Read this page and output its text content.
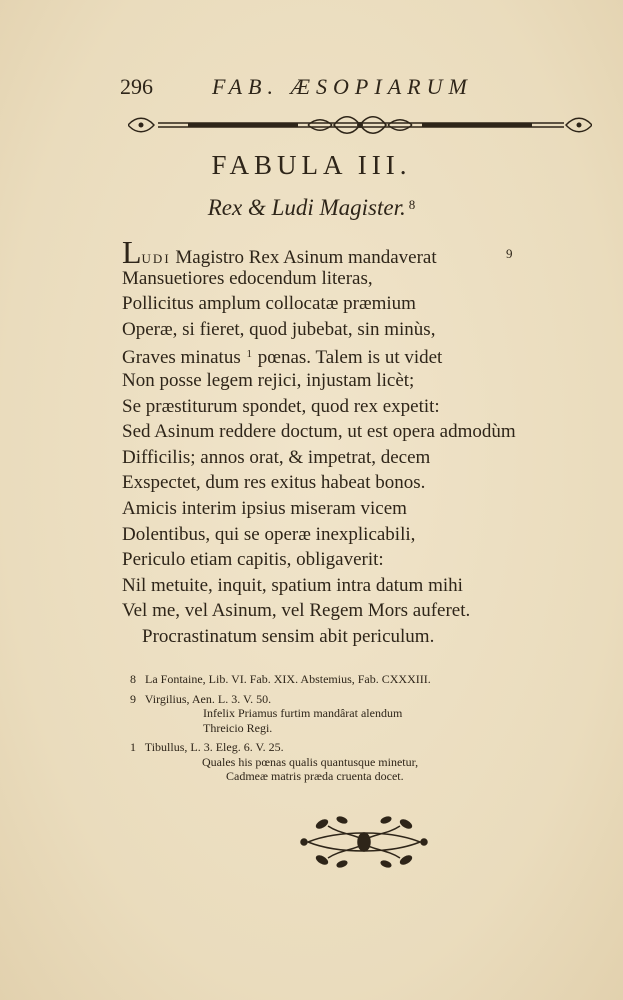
296	FAB. ÆSOPIARUM
FABULA III.
Rex & Ludi Magister. $^8$
LUDI Magistro Rex Asinum mandaverat	9
Mansuetiores edocendum literas,
Pollicitus amplum collocatæ præmium
Operæ, si fieret, quod jubebat, sin minùs,
Graves minatus $^1$ pœnas. Talem is ut videt
Non posse legem rejici, injustam licèt;
Se præstiturum spondet, quod rex expetit:
Sed Asinum reddere doctum, ut est opera admodùm
Difficilis; annos orat, & impetrat, decem
Exspectet, dum res exitus habeat bonos.
Amicis interim ipsius miseram vicem
Dolentibus, qui se operæ inexplicabili,
Periculo etiam capitis, obligaverit:
Nil metuite, inquit, spatium intra datum mihi
Vel me, vel Asinum, vel Regem Mors auferet.
Procrastinatum sensim abit periculum.
8 La Fontaine, Lib. VI. Fab. XIX. Abstemius, Fab. CXXXIII.
9 Virgilius, Aen. L. 3. V. 50.
Infelix Priamus furtim mandârat alendum
Threicio Regi.
1 Tibullus, L. 3. Eleg. 6. V. 25.
Quales his pœnas qualis quantusque minetur,
Cadmeæ matris præda cruenta docet.
